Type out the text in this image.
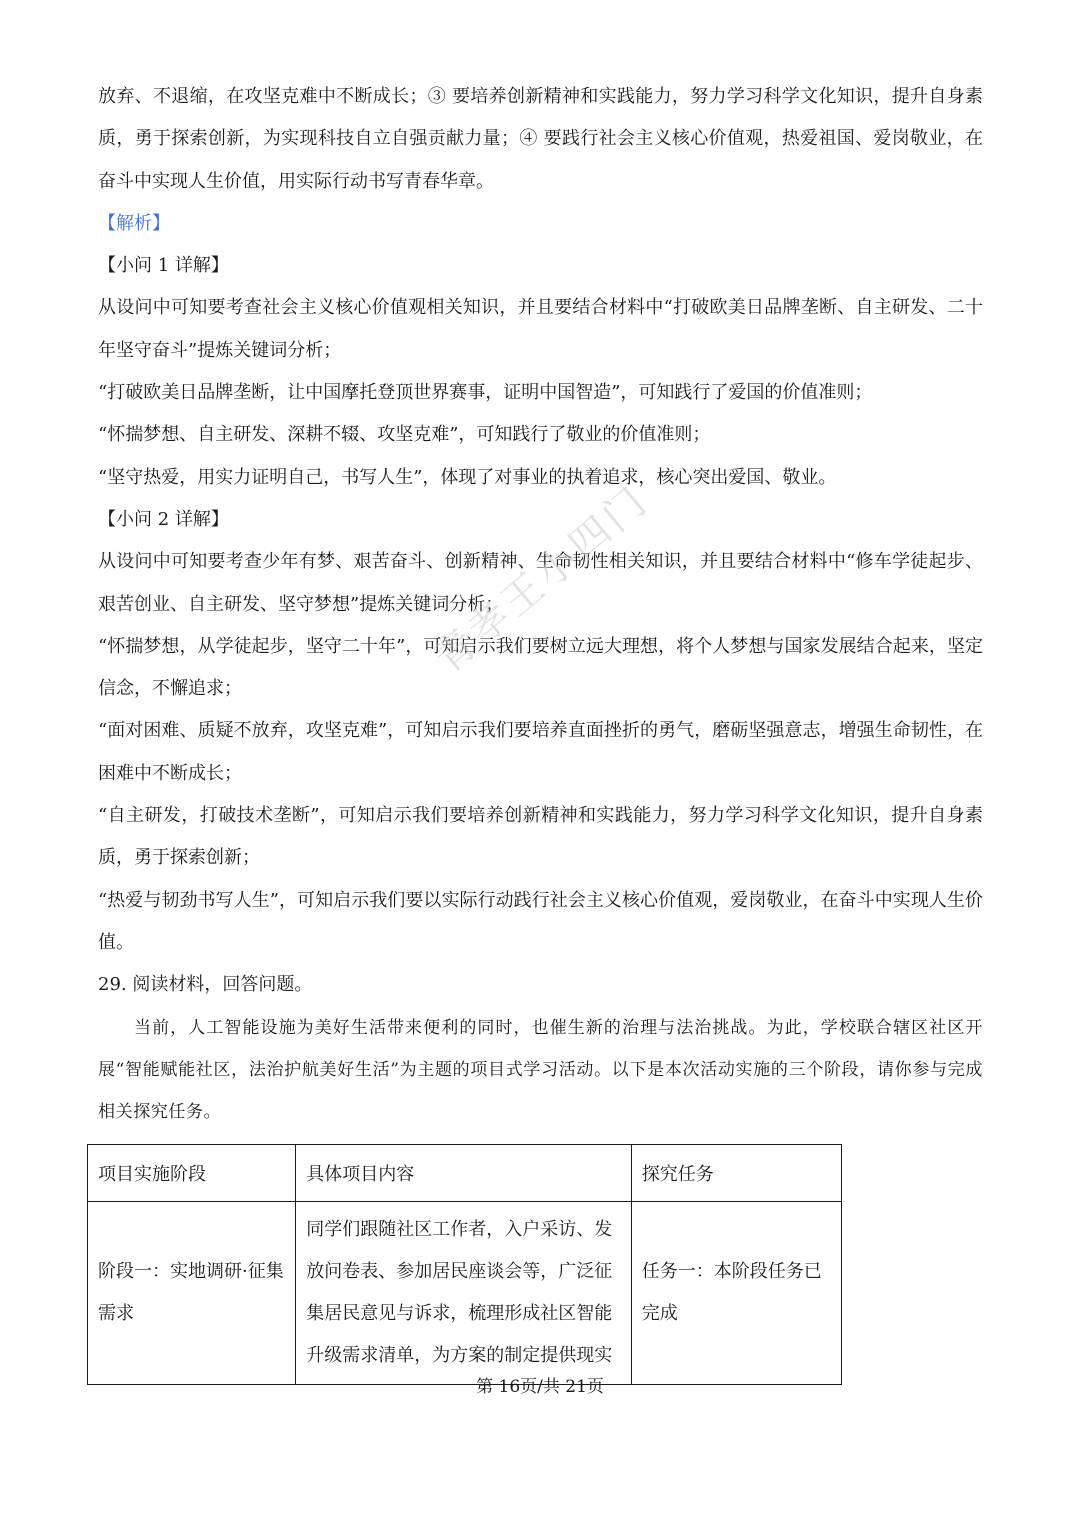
放弃、不退缩，在攻坚克难中不断成长；③ 要培养创新精神和实践能力，努力学习科学文化知识，提升自身素质，勇于探索创新，为实现科技自立自强贡献力量；④ 要践行社会主义核心价值观，热爱祖国、爱岗敬业，在奋斗中实现人生价值，用实际行动书写青春华章。

【解析】

【小问 1 详解】

从设问中可知要考查社会主义核心价值观相关知识，并且要结合材料中“打破欧美日品牌垄断、自主研发、二十年坚守奋斗”提炼关键词分析；

“打破欧美日品牌垄断，让中国摩托登顶世界赛事，证明中国智造”，可知践行了爱国的价值准则；

“怀揣梦想、自主研发、深耕不辍、攻坚克难”，可知践行了敬业的价值准则；

“坚守热爱，用实力证明自己，书写人生”，体现了对事业的执着追求，核心突出爱国、敬业。

【小问 2 详解】

从设问中可知要考查少年有梦、艰苦奋斗、创新精神、生命韧性相关知识，并且要结合材料中“修车学徒起步、艰苦创业、自主研发、坚守梦想”提炼关键词分析；

“怀揣梦想，从学徒起步，坚守二十年”，可知启示我们要树立远大理想，将个人梦想与国家发展结合起来，坚定信念，不懈追求；

“面对困难、质疑不放弃，攻坚克难”，可知启示我们要培养直面挫折的勇气，磨砺坚强意志，增强生命韧性，在困难中不断成长；

“自主研发，打破技术垄断”，可知启示我们要培养创新精神和实践能力，努力学习科学文化知识，提升自身素质，勇于探索创新；

“热爱与韧劲书写人生”，可知启示我们要以实际行动践行社会主义核心价值观，爱岗敬业，在奋斗中实现人生价值。

29. 阅读材料，回答问题。

当前，人工智能设施为美好生活带来便利的同时，也催生新的治理与法治挑战。为此，学校联合辖区社区开展“智能赋能社区，法治护航美好生活”为主题的项目式学习活动。以下是本次活动实施的三个阶段，请你参与完成相关探究任务。

项目实施阶段	具体项目内容	探究任务

阶段一：实地调研·征集需求	同学们跟随社区工作者，入户采访、发放问卷表、参加居民座谈会等，广泛征集居民意见与诉求，梳理形成社区智能升级需求清单，为方案的制定提供现实	任务一：本阶段任务已完成
第 16页/共 21页
青孝王小四门
